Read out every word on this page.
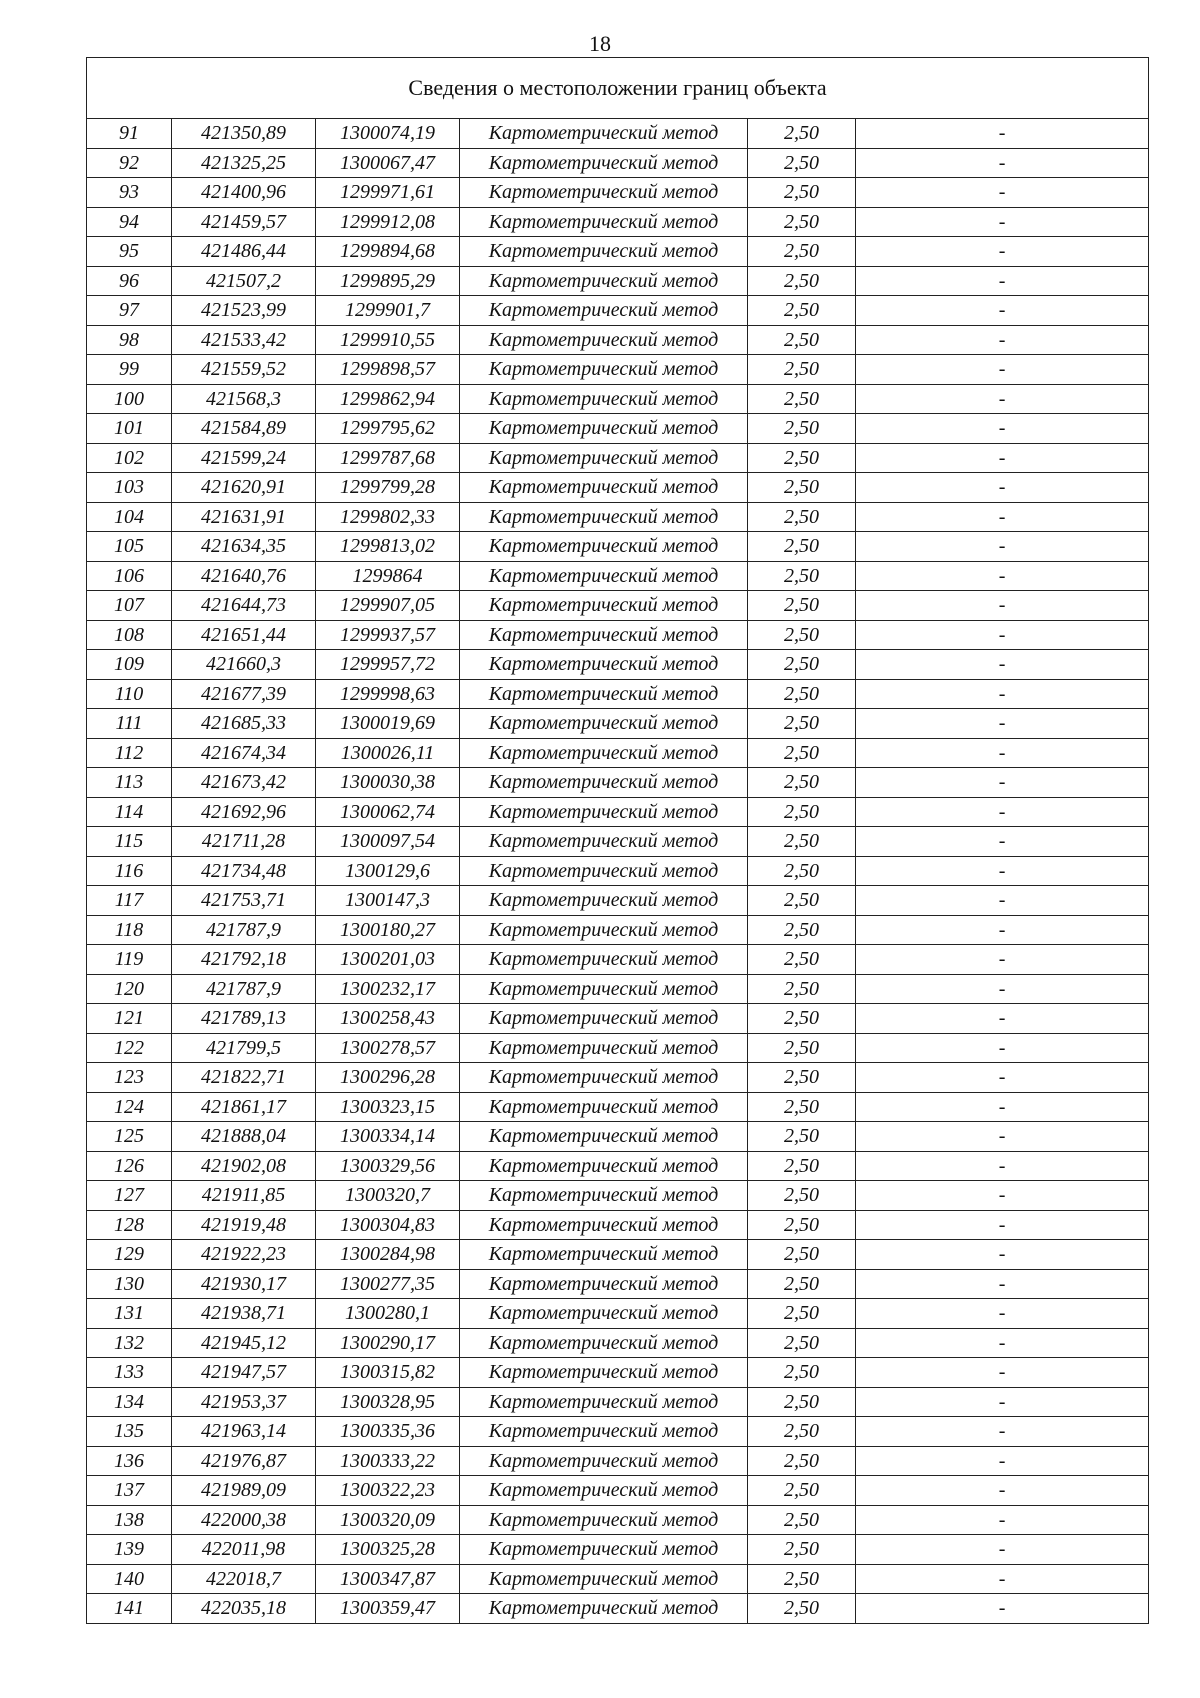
18
Сведения о местоположении границ объекта					
91	421350,89	1300074,19	Картометрический метод	2,50	-
92	421325,25	1300067,47	Картометрический метод	2,50	-
93	421400,96	1299971,61	Картометрический метод	2,50	-
94	421459,57	1299912,08	Картометрический метод	2,50	-
95	421486,44	1299894,68	Картометрический метод	2,50	-
96	421507,2	1299895,29	Картометрический метод	2,50	-
97	421523,99	1299901,7	Картометрический метод	2,50	-
98	421533,42	1299910,55	Картометрический метод	2,50	-
99	421559,52	1299898,57	Картометрический метод	2,50	-
100	421568,3	1299862,94	Картометрический метод	2,50	-
101	421584,89	1299795,62	Картометрический метод	2,50	-
102	421599,24	1299787,68	Картометрический метод	2,50	-
103	421620,91	1299799,28	Картометрический метод	2,50	-
104	421631,91	1299802,33	Картометрический метод	2,50	-
105	421634,35	1299813,02	Картометрический метод	2,50	-
106	421640,76	1299864	Картометрический метод	2,50	-
107	421644,73	1299907,05	Картометрический метод	2,50	-
108	421651,44	1299937,57	Картометрический метод	2,50	-
109	421660,3	1299957,72	Картометрический метод	2,50	-
110	421677,39	1299998,63	Картометрический метод	2,50	-
111	421685,33	1300019,69	Картометрический метод	2,50	-
112	421674,34	1300026,11	Картометрический метод	2,50	-
113	421673,42	1300030,38	Картометрический метод	2,50	-
114	421692,96	1300062,74	Картометрический метод	2,50	-
115	421711,28	1300097,54	Картометрический метод	2,50	-
116	421734,48	1300129,6	Картометрический метод	2,50	-
117	421753,71	1300147,3	Картометрический метод	2,50	-
118	421787,9	1300180,27	Картометрический метод	2,50	-
119	421792,18	1300201,03	Картометрический метод	2,50	-
120	421787,9	1300232,17	Картометрический метод	2,50	-
121	421789,13	1300258,43	Картометрический метод	2,50	-
122	421799,5	1300278,57	Картометрический метод	2,50	-
123	421822,71	1300296,28	Картометрический метод	2,50	-
124	421861,17	1300323,15	Картометрический метод	2,50	-
125	421888,04	1300334,14	Картометрический метод	2,50	-
126	421902,08	1300329,56	Картометрический метод	2,50	-
127	421911,85	1300320,7	Картометрический метод	2,50	-
128	421919,48	1300304,83	Картометрический метод	2,50	-
129	421922,23	1300284,98	Картометрический метод	2,50	-
130	421930,17	1300277,35	Картометрический метод	2,50	-
131	421938,71	1300280,1	Картометрический метод	2,50	-
132	421945,12	1300290,17	Картометрический метод	2,50	-
133	421947,57	1300315,82	Картометрический метод	2,50	-
134	421953,37	1300328,95	Картометрический метод	2,50	-
135	421963,14	1300335,36	Картометрический метод	2,50	-
136	421976,87	1300333,22	Картометрический метод	2,50	-
137	421989,09	1300322,23	Картометрический метод	2,50	-
138	422000,38	1300320,09	Картометрический метод	2,50	-
139	422011,98	1300325,28	Картометрический метод	2,50	-
140	422018,7	1300347,87	Картометрический метод	2,50	-
141	422035,18	1300359,47	Картометрический метод	2,50	-
